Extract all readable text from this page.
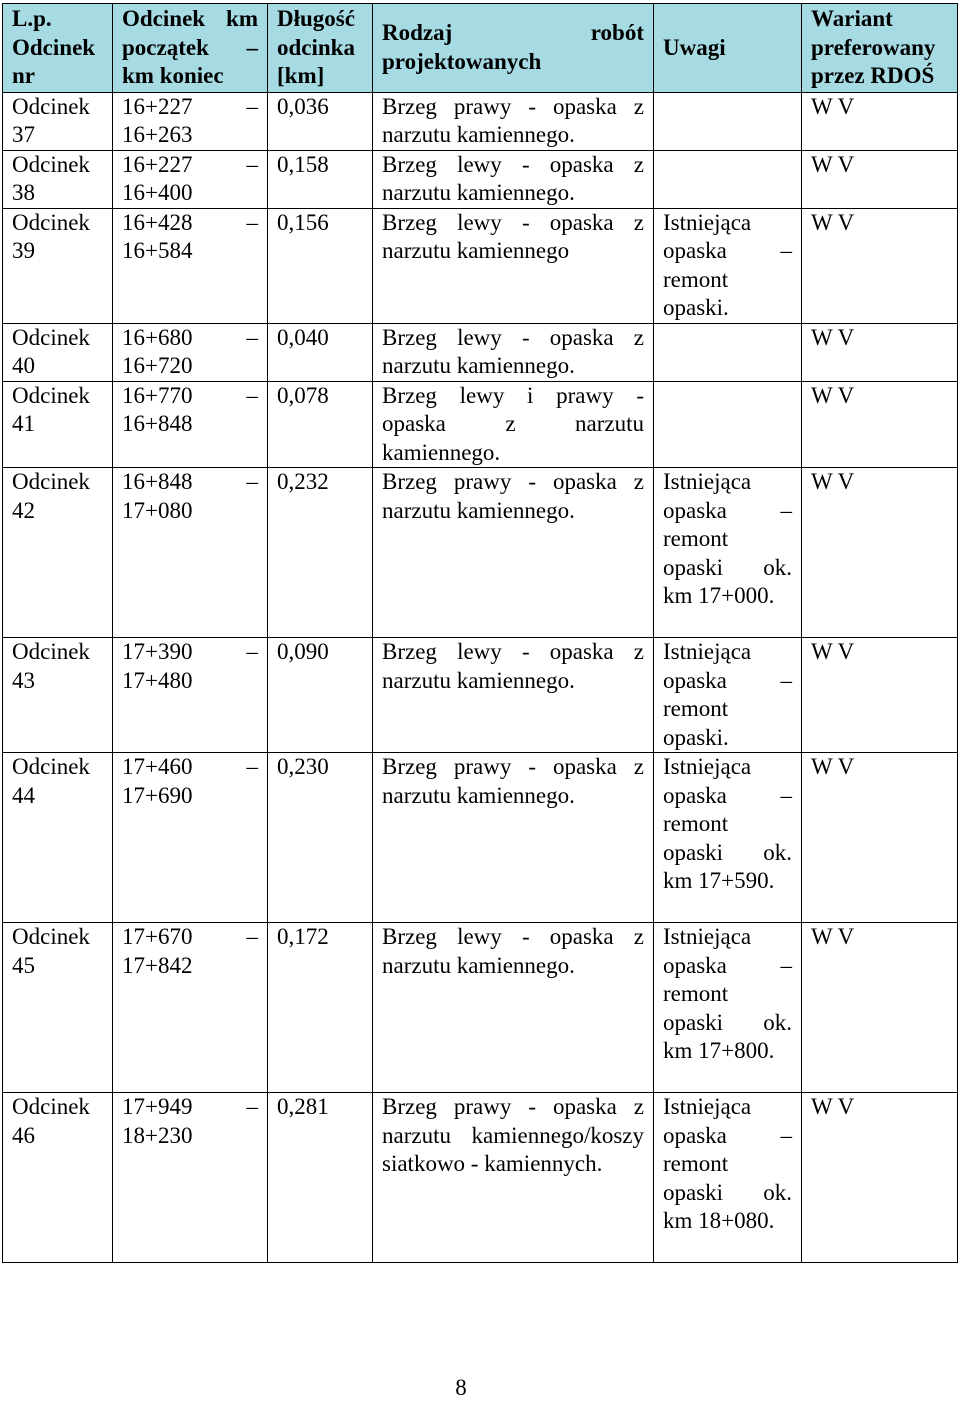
L.p. Odcinek nr	Odcinek km początek – km koniec	Długość odcinka [km]	Rodzaj robót projektowanych	Uwagi	Wariant preferowany przez RDOŚ
Odcinek 37	16+227 – 16+263	0,036	Brzeg prawy - opaska z narzutu kamiennego.		W V
Odcinek 38	16+227 – 16+400	0,158	Brzeg lewy - opaska z narzutu kamiennego.		W V
Odcinek 39	16+428 – 16+584	0,156	Brzeg lewy - opaska z narzutu kamiennego	Istniejąca opaska – remont opaski.	W V
Odcinek 40	16+680 – 16+720	0,040	Brzeg lewy - opaska z narzutu kamiennego.		W V
Odcinek 41	16+770 – 16+848	0,078	Brzeg lewy i prawy - opaska z narzutu kamiennego.		W V
Odcinek 42	16+848 – 17+080	0,232	Brzeg prawy - opaska z narzutu kamiennego.	Istniejąca opaska – remont opaski ok. km 17+000.	W V
Odcinek 43	17+390 – 17+480	0,090	Brzeg lewy - opaska z narzutu kamiennego.	Istniejąca opaska – remont opaski.	W V
Odcinek 44	17+460 – 17+690	0,230	Brzeg prawy - opaska z narzutu kamiennego.	Istniejąca opaska – remont opaski ok. km 17+590.	W V
Odcinek 45	17+670 – 17+842	0,172	Brzeg lewy - opaska z narzutu kamiennego.	Istniejąca opaska – remont opaski ok. km 17+800.	W V
Odcinek 46	17+949 – 18+230	0,281	Brzeg prawy - opaska z narzutu kamiennego/koszy siatkowo - kamiennych.	Istniejąca opaska – remont opaski ok. km 18+080.	W V
8
